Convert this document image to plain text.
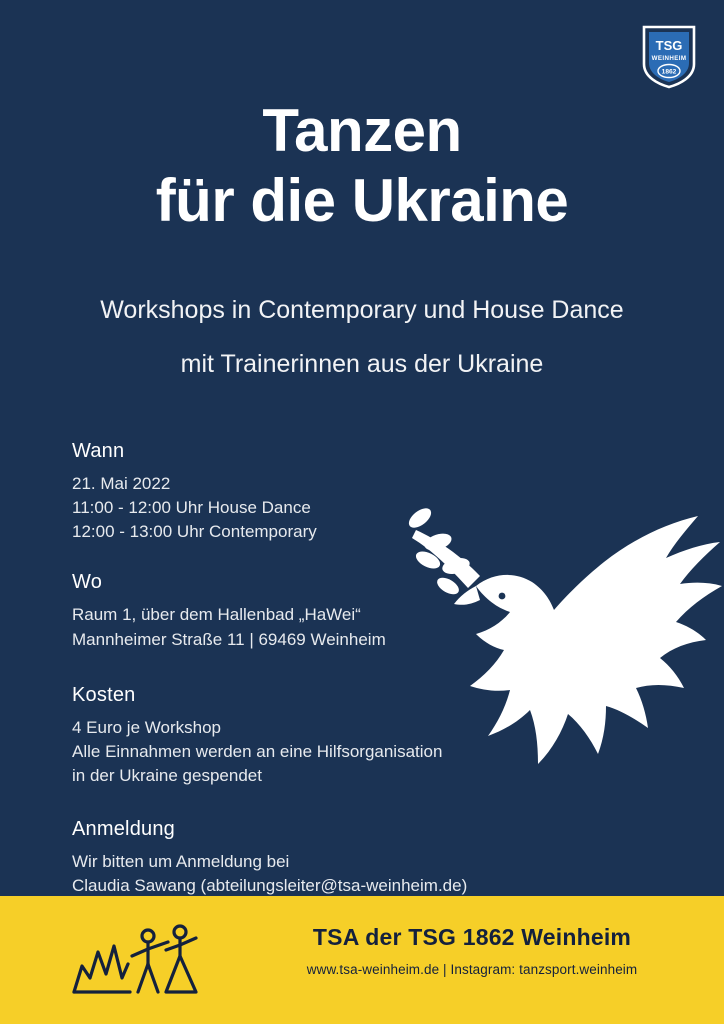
TSG
WEINHEIM
1862
Tanzen
für die Ukraine
Workshops in Contemporary und House Dance
mit Trainerinnen aus der Ukraine
Wann
21. Mai 2022
11:00 - 12:00 Uhr House Dance
12:00 - 13:00 Uhr Contemporary
Wo
Raum 1, über dem Hallenbad „HaWei“
Mannheimer Straße 11 | 69469 Weinheim
Kosten
4 Euro je Workshop
Alle Einnahmen werden an eine Hilfsorganisation
in der Ukraine gespendet
Anmeldung
Wir bitten um Anmeldung bei
Claudia Sawang (abteilungsleiter@tsa-weinheim.de)
TSA der TSG 1862 Weinheim
www.tsa-weinheim.de | Instagram: tanzsport.weinheim
